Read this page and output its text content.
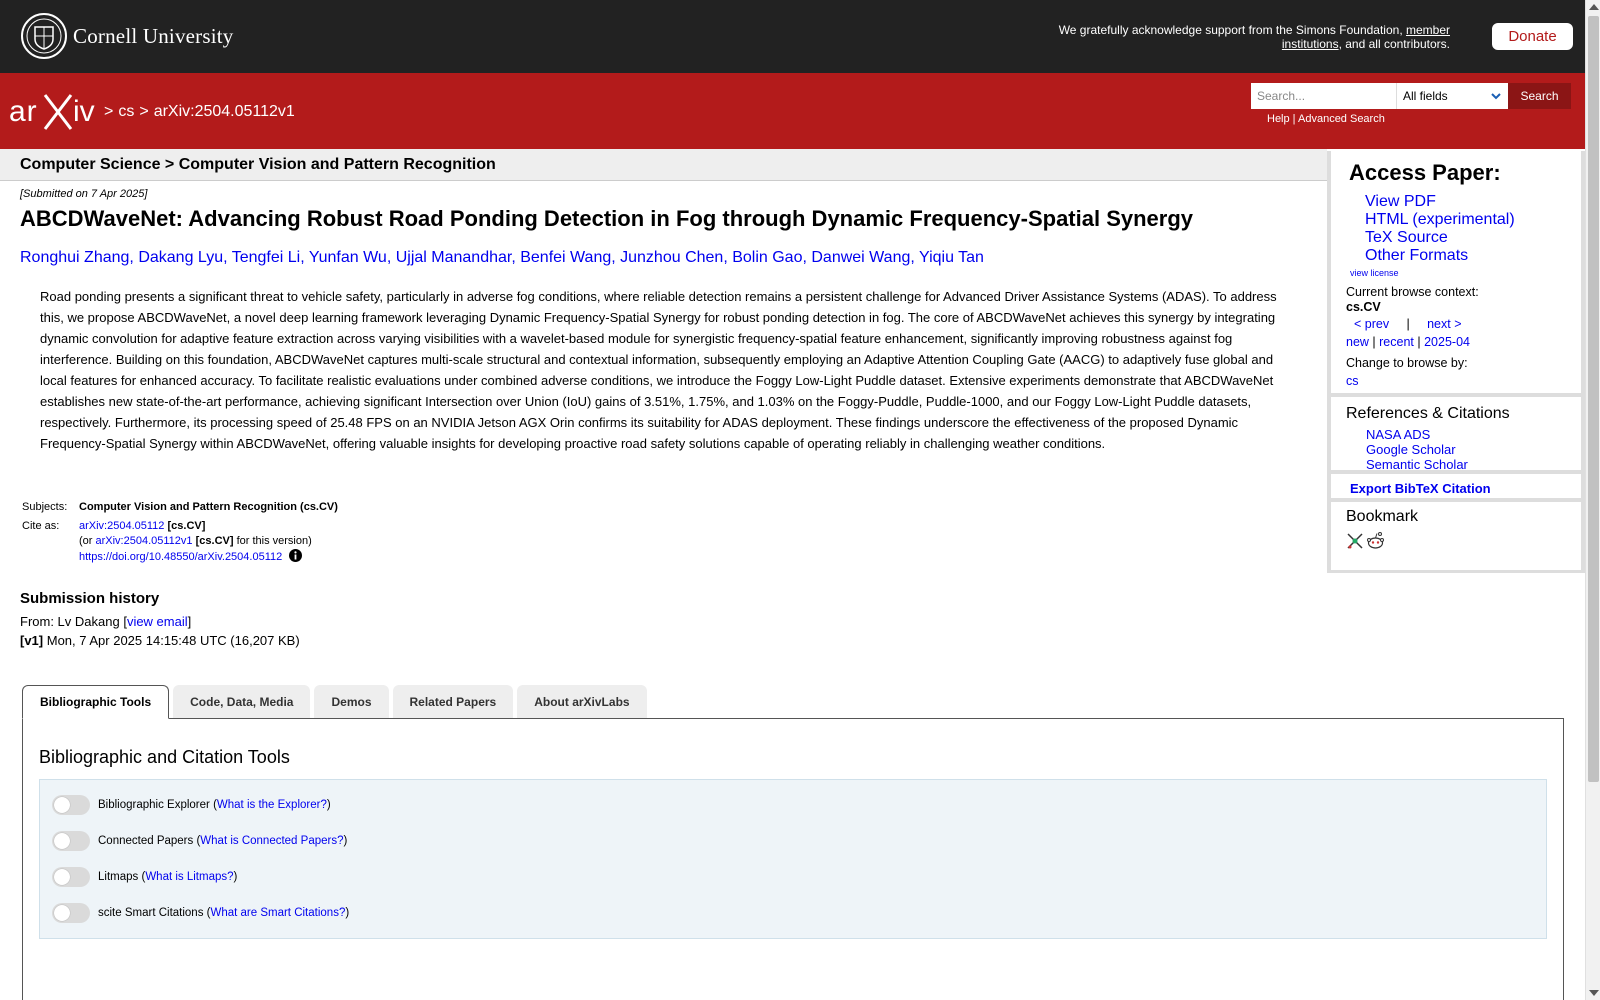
Cornell University	We gratefully acknowledge support from the Simons Foundation, member institutions, and all contributors.	Donate
ar iv > cs > arXiv:2504.05112v1
Search...
All fields	Search
Help | Advanced Search
Computer Science > Computer Vision and Pattern Recognition
[Submitted on 7 Apr 2025]
ABCDWaveNet: Advancing Robust Road Ponding Detection in Fog through Dynamic Frequency-Spatial Synergy
Ronghui Zhang, Dakang Lyu, Tengfei Li, Yunfan Wu, Ujjal Manandhar, Benfei Wang, Junzhou Chen, Bolin Gao, Danwei Wang, Yiqiu Tan
Road ponding presents a significant threat to vehicle safety, particularly in adverse fog conditions, where reliable detection remains a persistent challenge for Advanced Driver Assistance Systems (ADAS). To address this, we propose ABCDWaveNet, a novel deep learning framework leveraging Dynamic Frequency-Spatial Synergy for robust ponding detection in fog. The core of ABCDWaveNet achieves this synergy by integrating dynamic convolution for adaptive feature extraction across varying visibilities with a wavelet-based module for synergistic frequency-spatial feature enhancement, significantly improving robustness against fog interference. Building on this foundation, ABCDWaveNet captures multi-scale structural and contextual information, subsequently employing an Adaptive Attention Coupling Gate (AACG) to adaptively fuse global and local features for enhanced accuracy. To facilitate realistic evaluations under combined adverse conditions, we introduce the Foggy Low-Light Puddle dataset. Extensive experiments demonstrate that ABCDWaveNet establishes new state-of-the-art performance, achieving significant Intersection over Union (IoU) gains of 3.51%, 1.75%, and 1.03% on the Foggy-Puddle, Puddle-1000, and our Foggy Low-Light Puddle datasets, respectively. Furthermore, its processing speed of 25.48 FPS on an NVIDIA Jetson AGX Orin confirms its suitability for ADAS deployment. These findings underscore the effectiveness of the proposed Dynamic Frequency-Spatial Synergy within ABCDWaveNet, offering valuable insights for developing proactive road safety solutions capable of operating reliably in challenging weather conditions.
Subjects:	Computer Vision and Pattern Recognition (cs.CV)
Cite as:	arXiv:2504.05112 [cs.CV]
(or arXiv:2504.05112v1 [cs.CV] for this version)
https://doi.org/10.48550/arXiv.2504.05112
Submission history
From: Lv Dakang [view email]
[v1] Mon, 7 Apr 2025 14:15:48 UTC (16,207 KB)
Bibliographic Tools	Code, Data, Media	Demos	Related Papers	About arXivLabs
Bibliographic and Citation Tools
Bibliographic Explorer ( What is the Explorer? )
Connected Papers ( What is Connected Papers? )
Litmaps ( What is Litmaps? )
scite Smart Citations ( What are Smart Citations? )
Access Paper:
View PDF
HTML (experimental)
TeX Source
Other Formats
view license
Current browse context:
cs.CV
< prev | next >
new | recent | 2025-04
Change to browse by:
cs
References & Citations
NASA ADS
Google Scholar
Semantic Scholar
Export BibTeX Citation
Bookmark
